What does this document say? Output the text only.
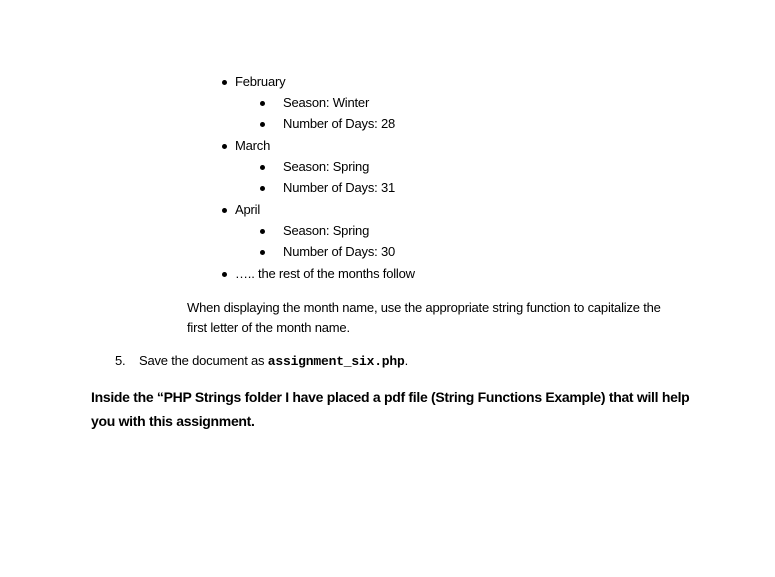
February
Season: Winter
Number of Days: 28
March
Season: Spring
Number of Days: 31
April
Season: Spring
Number of Days: 30
….. the rest of the months follow
When displaying the month name, use the appropriate string function to capitalize the
first letter of the month name.
5. Save the document as assignment_six.php.
Inside the “PHP Strings folder I have placed a pdf file (String Functions Example) that will help
you with this assignment.
